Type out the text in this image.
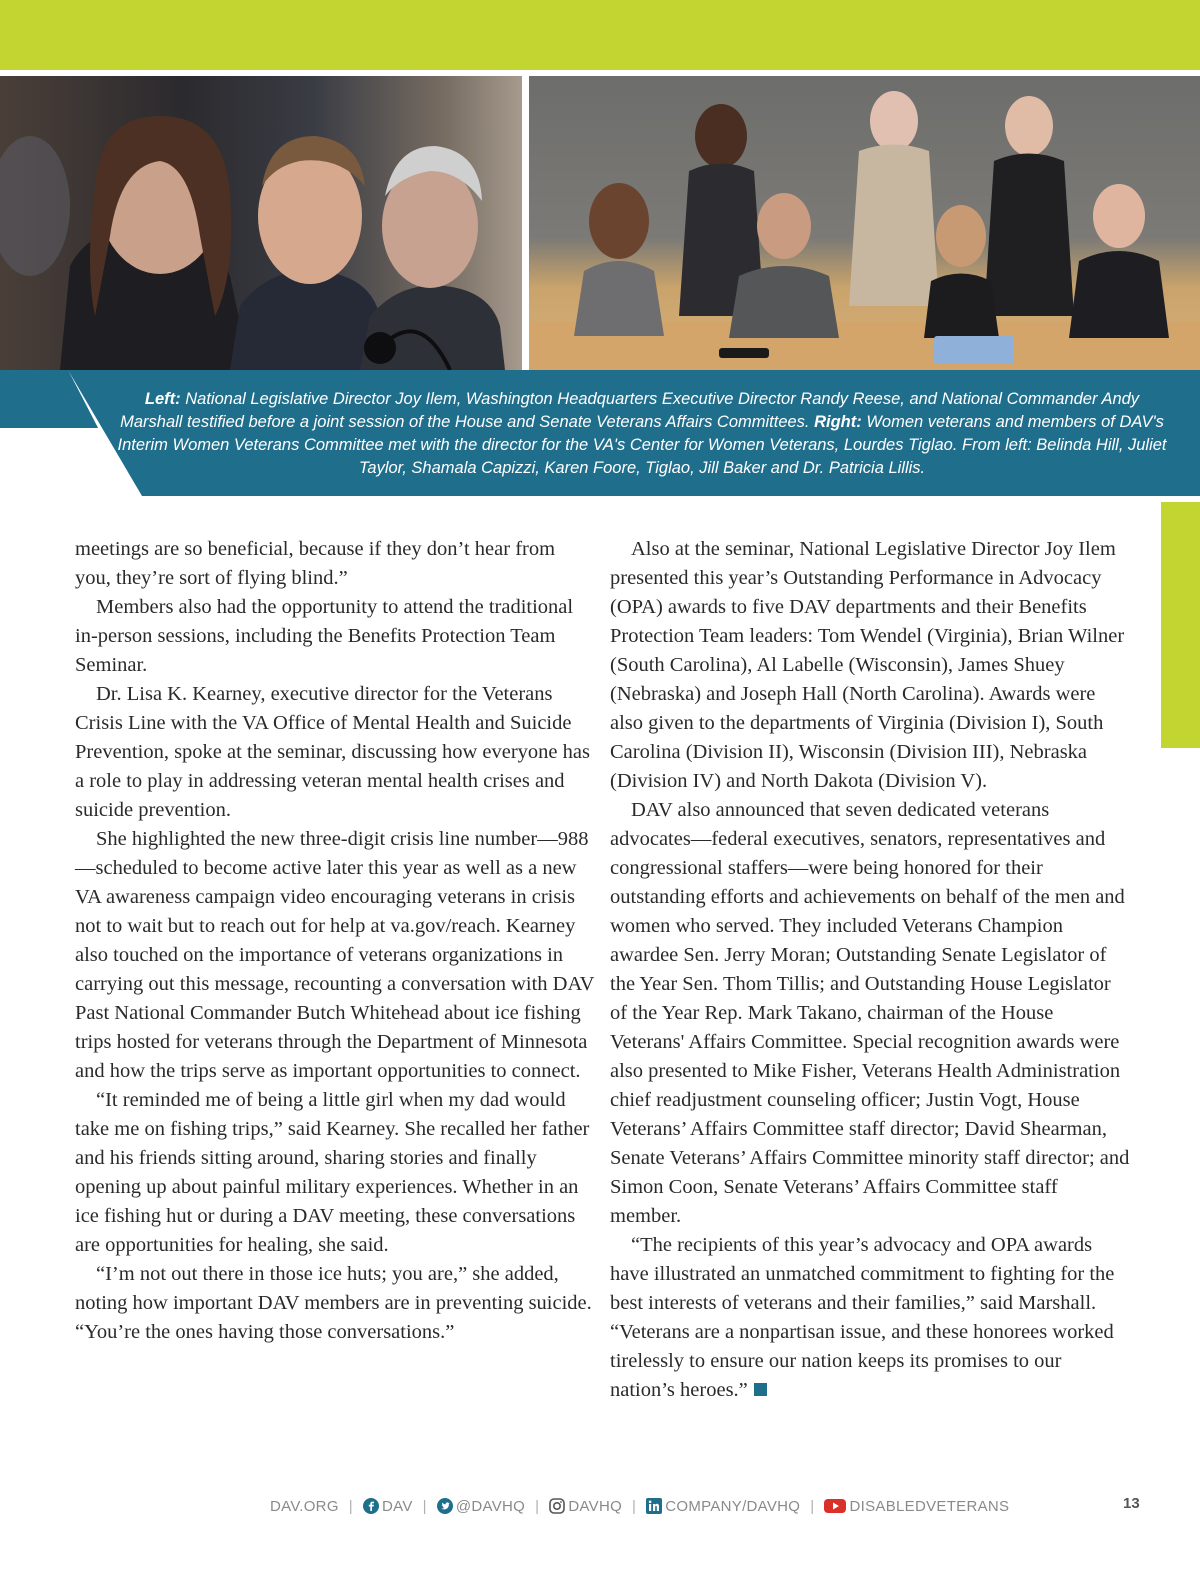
Left: National Legislative Director Joy Ilem, Washington Headquarters Executive Director Randy Reese, and National Commander Andy Marshall testified before a joint session of the House and Senate Veterans Affairs Committees. Right: Women veterans and members of DAV's Interim Women Veterans Committee met with the director for the VA's Center for Women Veterans, Lourdes Tiglao. From left: Belinda Hill, Juliet Taylor, Shamala Capizzi, Karen Foore, Tiglao, Jill Baker and Dr. Patricia Lillis.

meetings are so beneficial, because if they don’t hear from you, they’re sort of flying blind.”

Members also had the opportunity to attend the traditional in-person sessions, including the Benefits Protection Team Seminar.

Dr. Lisa K. Kearney, executive director for the Veterans Crisis Line with the VA Office of Mental Health and Suicide Prevention, spoke at the seminar, discussing how everyone has a role to play in addressing veteran mental health crises and suicide prevention.

She highlighted the new three-digit crisis line number—988—scheduled to become active later this year as well as a new VA awareness campaign video encouraging veterans in crisis not to wait but to reach out for help at va.gov/reach. Kearney also touched on the importance of veterans organizations in carrying out this message, recounting a conversation with DAV Past National Commander Butch Whitehead about ice fishing trips hosted for veterans through the Department of Minnesota and how the trips serve as important opportunities to connect.

“It reminded me of being a little girl when my dad would take me on fishing trips,” said Kearney. She recalled her father and his friends sitting around, sharing stories and finally opening up about painful military experiences. Whether in an ice fishing hut or during a DAV meeting, these conversations are opportunities for healing, she said.

“I’m not out there in those ice huts; you are,” she added, noting how important DAV members are in preventing suicide. “You’re the ones having those conversations.”

Also at the seminar, National Legislative Director Joy Ilem presented this year’s Outstanding Performance in Advocacy (OPA) awards to five DAV departments and their Benefits Protection Team leaders: Tom Wendel (Virginia), Brian Wilner (South Carolina), Al Labelle (Wisconsin), James Shuey (Nebraska) and Joseph Hall (North Carolina). Awards were also given to the departments of Virginia (Division I), South Carolina (Division II), Wisconsin (Division III), Nebraska (Division IV) and North Dakota (Division V).

DAV also announced that seven dedicated veterans advocates—federal executives, senators, representatives and congressional staffers—were being honored for their outstanding efforts and achievements on behalf of the men and women who served. They included Veterans Champion awardee Sen. Jerry Moran; Outstanding Senate Legislator of the Year Sen. Thom Tillis; and Outstanding House Legislator of the Year Rep. Mark Takano, chairman of the House Veterans' Affairs Committee. Special recognition awards were also presented to Mike Fisher, Veterans Health Administration chief readjustment counseling officer; Justin Vogt, House Veterans’ Affairs Committee staff director; David Shearman, Senate Veterans’ Affairs Committee minority staff director; and Simon Coon, Senate Veterans’ Affairs Committee staff member.

“The recipients of this year’s advocacy and OPA awards have illustrated an unmatched commitment to fighting for the best interests of veterans and their families,” said Marshall. “Veterans are a nonpartisan issue, and these honorees worked tirelessly to ensure our nation keeps its promises to our nation’s heroes.”

DAV.ORG |	DAV |	@DAVHQ |	DAVHQ |	COMPANY/DAVHQ |	DISABLEDVETERANS	13
